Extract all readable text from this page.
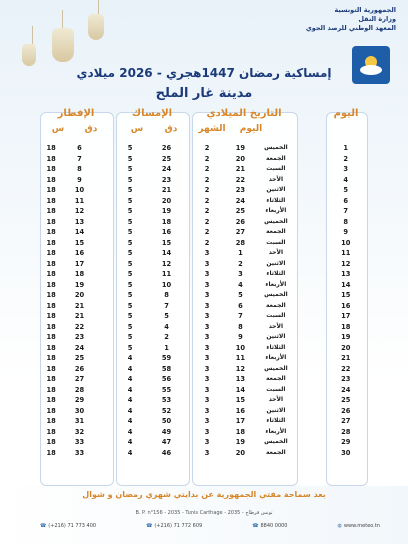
الجمهورية التونسية
وزارة النقل
المعهد الوطني للرصد الجوي
إمساكية رمضان 1447هجري - 2026 ميلادي
مدينة غار الملح
اليوم
التاريخ الميلادي
الإمساك
الإفطار
اليوم
الشهر
دق
س
دق
س
18	6		5	26		2	19	الخميس		1
18	7		5	25		2	20	الجمعة		2
18	8		5	24		2	21	السبت		3
18	9		5	23		2	22	الأحد		4
18	10		5	21		2	23	الاثنين		5
18	11		5	20		2	24	الثلاثاء		6
18	12		5	19		2	25	الأربعاء		7
18	13		5	18		2	26	الخميس		8
18	14		5	16		2	27	الجمعة		9
18	15		5	15		2	28	السبت		10
18	16		5	14		3	1	الأحد		11
18	17		5	12		3	2	الاثنين		12
18	18		5	11		3	3	الثلاثاء		13
18	19		5	10		3	4	الأربعاء		14
18	20		5	8		3	5	الخميس		15
18	21		5	7		3	6	الجمعة		16
18	21		5	5		3	7	السبت		17
18	22		5	4		3	8	الأحد		18
18	23		5	2		3	9	الاثنين		19
18	24		5	1		3	10	الثلاثاء		20
18	25		4	59		3	11	الأربعاء		21
18	26		4	58		3	12	الخميس		22
18	27		4	56		3	13	الجمعة		23
18	28		4	55		3	14	السبت		24
18	29		4	53		3	15	الأحد		25
18	30		4	52		3	16	الاثنين		26
18	31		4	50		3	17	الثلاثاء		27
18	32		4	49		3	18	الأربعاء		28
18	33		4	47		3	19	الخميس		29
18	33		4	46		3	20	الجمعة		30
بعد سماحة مفتي الجمهورية عن بدايتي شهري رمضان و شوال
B. P. n°156 - 2035 - Tunis Carthage - 2035 - تونس قرطاج
☎ (+216) 71 773 400	☎ (+216) 71 772 609	☎ 8840 0000	◍ www.meteo.tn
